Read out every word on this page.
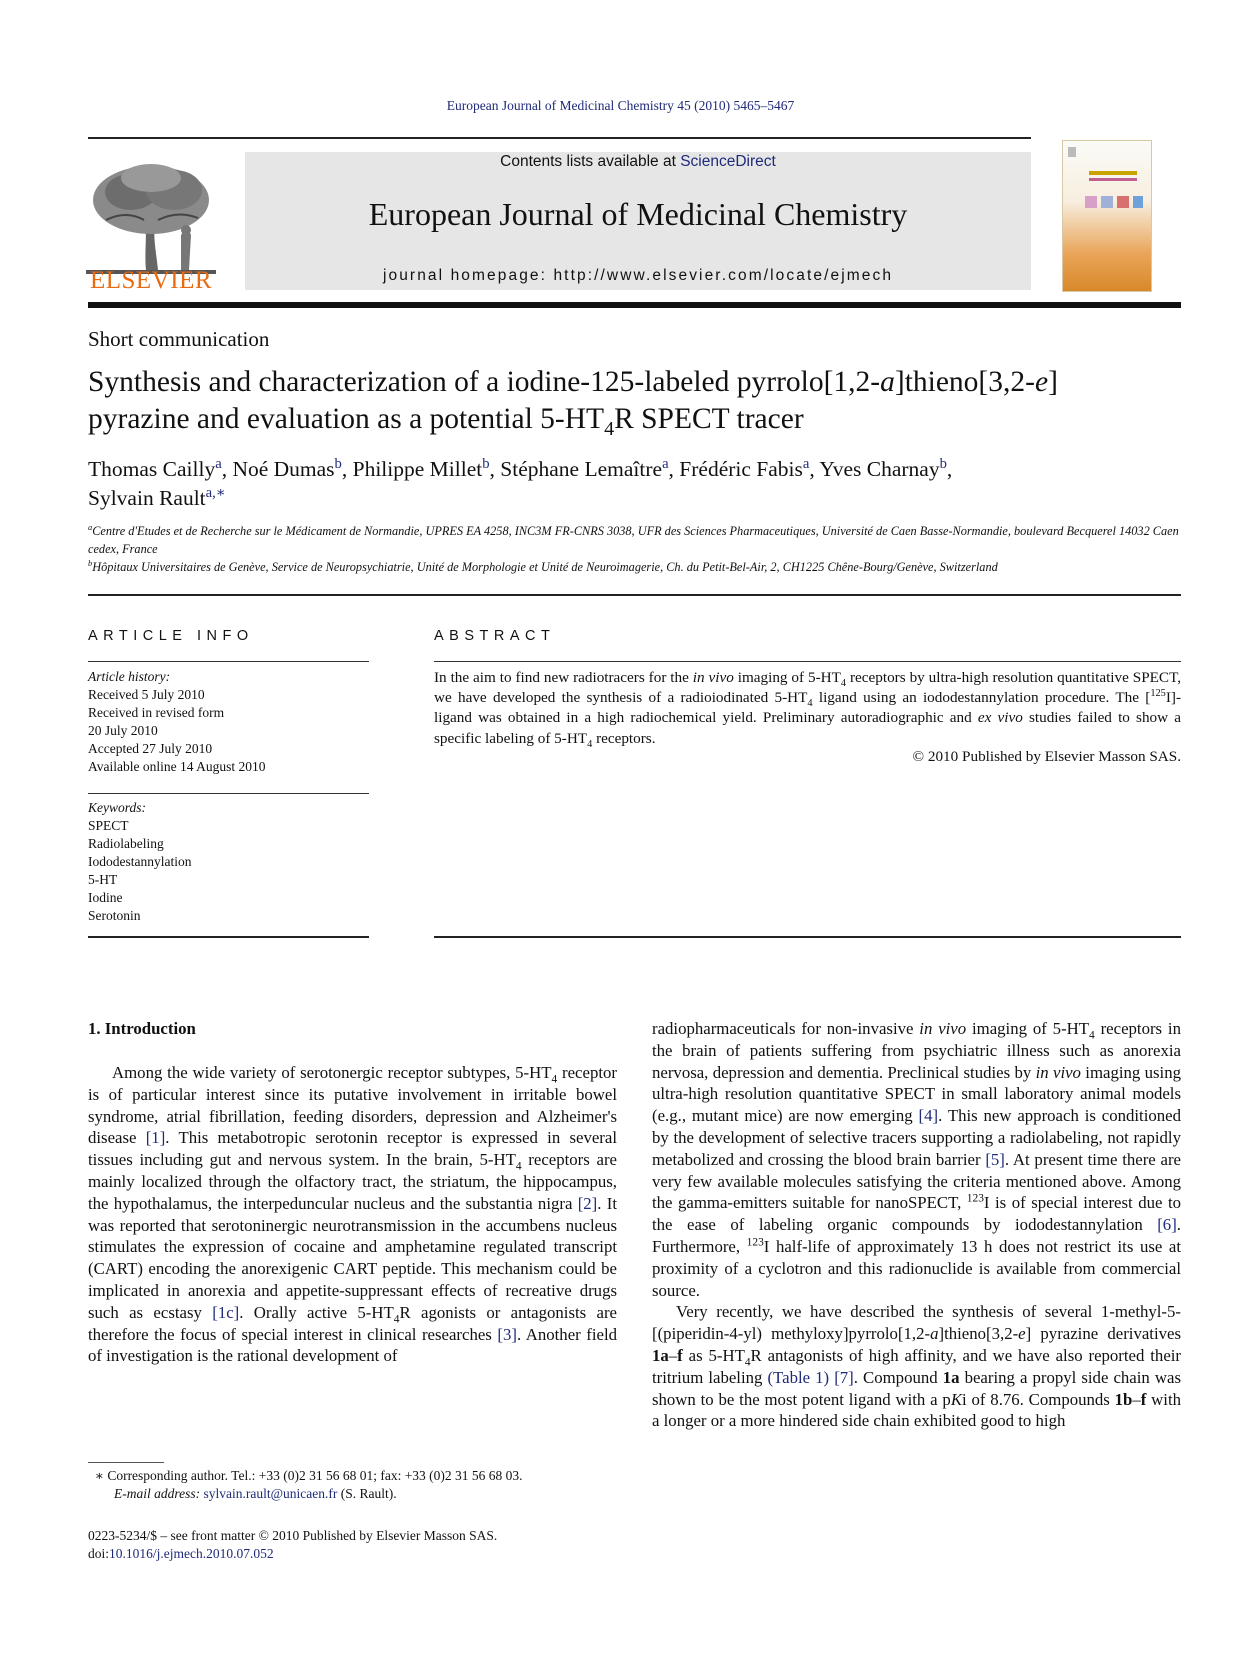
European Journal of Medicinal Chemistry 45 (2010) 5465–5467
ELSEVIER
Contents lists available at ScienceDirect
European Journal of Medicinal Chemistry
journal homepage: http://www.elsevier.com/locate/ejmech
Short communication
Synthesis and characterization of a iodine-125-labeled pyrrolo[1,2-a]thieno[3,2-e]
pyrazine and evaluation as a potential $5-HT_4R$ SPECT tracer
Thomas Cailly$^a$, Noé Dumas$^b$, Philippe Millet$^b$, Stéphane Lemaître$^a$, Frédéric Fabis$^a$, Yves Charnay$^b$,
Sylvain Rault$^{a,∗}$
$^a$Centre d'Etudes et de Recherche sur le Médicament de Normandie, UPRES EA 4258, INC3M FR-CNRS 3038, UFR des Sciences Pharmaceutiques, Université de Caen Basse-Normandie, boulevard Becquerel 14032 Caen cedex, France
$^b$Hôpitaux Universitaires de Genève, Service de Neuropsychiatrie, Unité de Morphologie et Unité de Neuroimagerie, Ch. du Petit-Bel-Air, 2, CH1225 Chêne-Bourg/Genève, Switzerland
ARTICLE INFO	ABSTRACT
Article history:
Received 5 July 2010
Received in revised form
20 July 2010
Accepted 27 July 2010
Available online 14 August 2010
Keywords:
SPECT
Radiolabeling
Iododestannylation
5-HT
Iodine
Serotonin
In the aim to find new radiotracers for the in vivo imaging of $5-HT_4$ receptors by ultra-high resolution quantitative SPECT, we have developed the synthesis of a radioiodinated $5-HT_4$ ligand using an iododestannylation procedure. The [$^{125}$I]-ligand was obtained in a high radiochemical yield. Preliminary autoradiographic and ex vivo studies failed to show a specific labeling of $5-HT_4$ receptors.
© 2010 Published by Elsevier Masson SAS.
1. Introduction

Among the wide variety of serotonergic receptor subtypes, $5-HT_4$ receptor is of particular interest since its putative involvement in irritable bowel syndrome, atrial fibrillation, feeding disorders, depression and Alzheimer's disease [1]. This metabotropic serotonin receptor is expressed in several tissues including gut and nervous system. In the brain, $5-HT_4$ receptors are mainly localized through the olfactory tract, the striatum, the hippocampus, the hypothalamus, the interpeduncular nucleus and the substantia nigra [2]. It was reported that serotoninergic neurotransmission in the accumbens nucleus stimulates the expression of cocaine and amphetamine regulated transcript (CART) encoding the anorexigenic CART peptide. This mechanism could be implicated in anorexia and appetite-suppressant effects of recreative drugs such as ecstasy [1c]. Orally active $5-HT_4R$ agonists or antagonists are therefore the focus of special interest in clinical researches [3]. Another field of investigation is the rational development of

radiopharmaceuticals for non-invasive in vivo imaging of $5-HT_4$ receptors in the brain of patients suffering from psychiatric illness such as anorexia nervosa, depression and dementia. Preclinical studies by in vivo imaging using ultra-high resolution quantitative SPECT in small laboratory animal models (e.g., mutant mice) are now emerging [4]. This new approach is conditioned by the development of selective tracers supporting a radiolabeling, not rapidly metabolized and crossing the blood brain barrier [5]. At present time there are very few available molecules satisfying the criteria mentioned above. Among the gamma-emitters suitable for nanoSPECT, $^{123}$I is of special interest due to the ease of labeling organic compounds by iododestannylation [6]. Furthermore, $^{123}$I half-life of approximately 13 h does not restrict its use at proximity of a cyclotron and this radionuclide is available from commercial source.

Very recently, we have described the synthesis of several 1-methyl-5-[(piperidin-4-yl) methyloxy]pyrrolo[1,2-a]thieno[3,2-e] pyrazine derivatives 1a–f as $5-HT_4R$ antagonists of high affinity, and we have also reported their tritrium labeling (Table 1) [7]. Compound 1a bearing a propyl side chain was shown to be the most potent ligand with a pKi of 8.76. Compounds 1b–f with a longer or a more hindered side chain exhibited good to high

∗ Corresponding author. Tel.: +33 (0)2 31 56 68 01; fax: +33 (0)2 31 56 68 03.
E-mail address: sylvain.rault@unicaen.fr (S. Rault).
0223-5234/$ – see front matter © 2010 Published by Elsevier Masson SAS.
doi:10.1016/j.ejmech.2010.07.052
